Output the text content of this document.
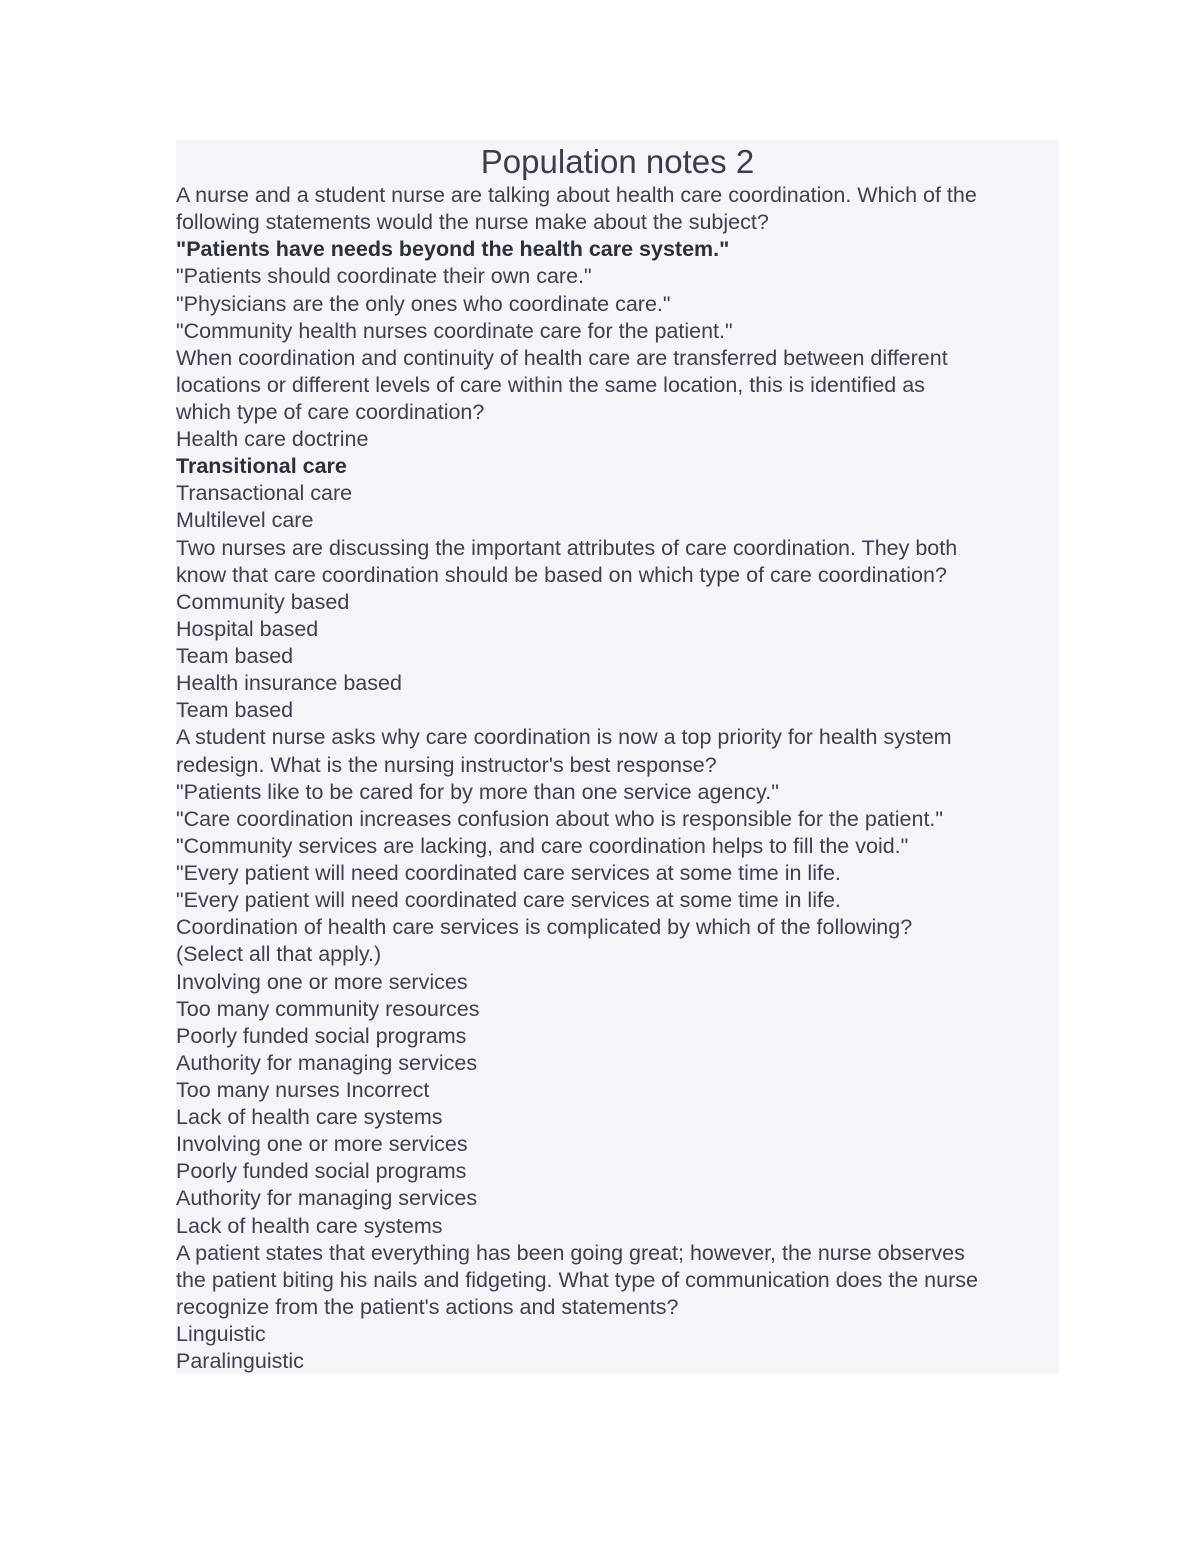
Population notes 2
A nurse and a student nurse are talking about health care coordination. Which of the
following statements would the nurse make about the subject?
"Patients have needs beyond the health care system."
"Patients should coordinate their own care."
"Physicians are the only ones who coordinate care."
"Community health nurses coordinate care for the patient."
When coordination and continuity of health care are transferred between different
locations or different levels of care within the same location, this is identified as
which type of care coordination?
Health care doctrine
Transitional care
Transactional care
Multilevel care
Two nurses are discussing the important attributes of care coordination. They both
know that care coordination should be based on which type of care coordination?
Community based
Hospital based
Team based
Health insurance based
Team based
A student nurse asks why care coordination is now a top priority for health system
redesign. What is the nursing instructor's best response?
"Patients like to be cared for by more than one service agency."
"Care coordination increases confusion about who is responsible for the patient."
"Community services are lacking, and care coordination helps to fill the void."
"Every patient will need coordinated care services at some time in life.
"Every patient will need coordinated care services at some time in life.
Coordination of health care services is complicated by which of the following?
(Select all that apply.)
Involving one or more services
Too many community resources
Poorly funded social programs
Authority for managing services
Too many nurses Incorrect
Lack of health care systems
Involving one or more services
Poorly funded social programs
Authority for managing services
Lack of health care systems
A patient states that everything has been going great; however, the nurse observes
the patient biting his nails and fidgeting. What type of communication does the nurse
recognize from the patient's actions and statements?
Linguistic
Paralinguistic
